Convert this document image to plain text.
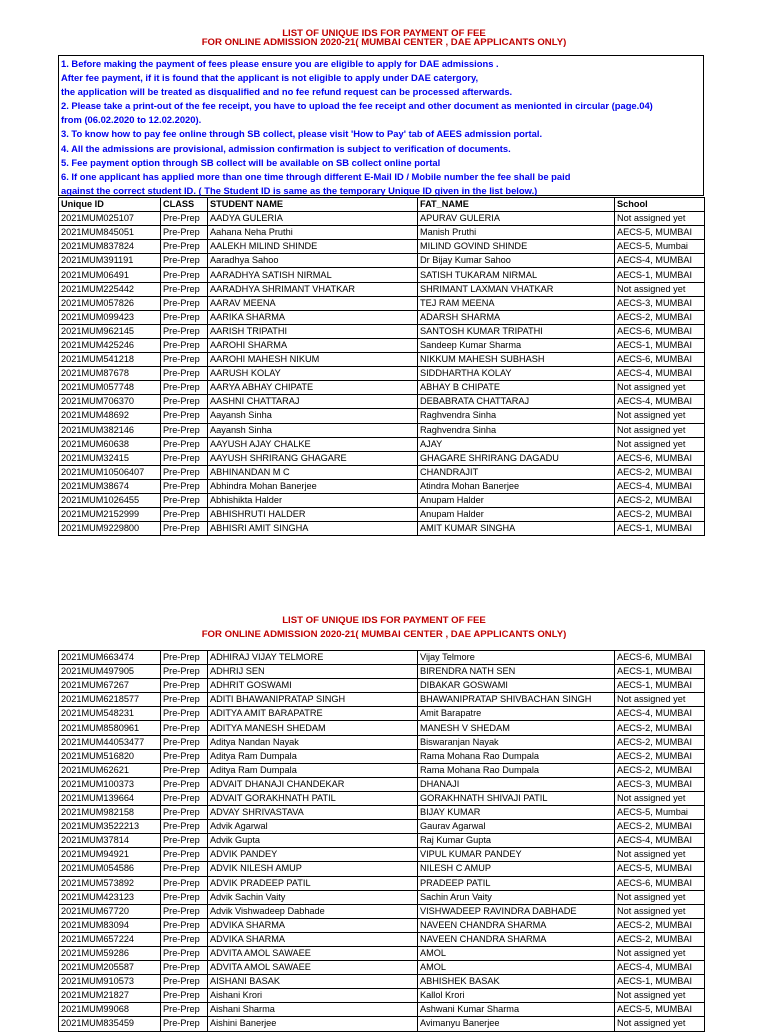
LIST OF UNIQUE IDS FOR PAYMENT OF FEE
FOR ONLINE ADMISSION 2020-21( MUMBAI CENTER , DAE APPLICANTS ONLY)
1. Before making the payment of fees please ensure you are eligible to apply for DAE admissions .
After fee payment, if it is found that the applicant is not eligible to apply under DAE catergory,
the application will be treated as disqualified and no fee refund request can be processed afterwards.
2. Please take a print-out of the fee receipt, you have to upload the fee receipt and other document as menionted in circular (page.04)
from (06.02.2020 to 12.02.2020).
3. To know how to pay fee online through SB collect, please visit 'How to Pay' tab of AEES admission portal.
4. All the admissions are provisional, admission confirmation is subject to verification of documents.
5. Fee payment option through SB collect will be available on SB collect online portal
6. If one applicant has applied more than one time through different E-Mail ID / Mobile number the fee shall be paid
against the correct student ID. ( The Student ID is same as the temporary Unique ID given in the list below.)
Unique ID	CLASS	STUDENT NAME	FAT_NAME	School
2021MUM025107	Pre-Prep	AADYA GULERIA	APURAV GULERIA	Not assigned yet
2021MUM845051	Pre-Prep	Aahana Neha Pruthi	Manish Pruthi	AECS-5, MUMBAI
2021MUM837824	Pre-Prep	AALEKH MILIND SHINDE	MILIND GOVIND SHINDE	AECS-5, Mumbai
2021MUM391191	Pre-Prep	Aaradhya Sahoo	Dr Bijay Kumar Sahoo	AECS-4, MUMBAI
2021MUM06491	Pre-Prep	AARADHYA SATISH NIRMAL	SATISH TUKARAM NIRMAL	AECS-1, MUMBAI
2021MUM225442	Pre-Prep	AARADHYA SHRIMANT VHATKAR	SHRIMANT LAXMAN VHATKAR	Not assigned yet
2021MUM057826	Pre-Prep	AARAV MEENA	TEJ RAM MEENA	AECS-3, MUMBAI
2021MUM099423	Pre-Prep	AARIKA SHARMA	ADARSH SHARMA	AECS-2, MUMBAI
2021MUM962145	Pre-Prep	AARISH TRIPATHI	SANTOSH KUMAR TRIPATHI	AECS-6, MUMBAI
2021MUM425246	Pre-Prep	AAROHI SHARMA	Sandeep Kumar Sharma	AECS-1, MUMBAI
2021MUM541218	Pre-Prep	AAROHI MAHESH NIKUM	NIKKUM MAHESH SUBHASH	AECS-6, MUMBAI
2021MUM87678	Pre-Prep	AARUSH KOLAY	SIDDHARTHA KOLAY	AECS-4, MUMBAI
2021MUM057748	Pre-Prep	AARYA ABHAY CHIPATE	ABHAY B CHIPATE	Not assigned yet
2021MUM706370	Pre-Prep	AASHNI CHATTARAJ	DEBABRATA CHATTARAJ	AECS-4, MUMBAI
2021MUM48692	Pre-Prep	Aayansh Sinha	Raghvendra Sinha	Not assigned yet
2021MUM382146	Pre-Prep	Aayansh Sinha	Raghvendra Sinha	Not assigned yet
2021MUM60638	Pre-Prep	AAYUSH AJAY CHALKE	AJAY	Not assigned yet
2021MUM32415	Pre-Prep	AAYUSH SHRIRANG GHAGARE	GHAGARE SHRIRANG DAGADU	AECS-6, MUMBAI
2021MUM10506407	Pre-Prep	ABHINANDAN M C	CHANDRAJIT	AECS-2, MUMBAI
2021MUM38674	Pre-Prep	Abhindra Mohan Banerjee	Atindra Mohan Banerjee	AECS-4, MUMBAI
2021MUM1026455	Pre-Prep	Abhishikta Halder	Anupam Halder	AECS-2, MUMBAI
2021MUM2152999	Pre-Prep	ABHISHRUTI HALDER	Anupam Halder	AECS-2, MUMBAI
2021MUM9229800	Pre-Prep	ABHISRI AMIT SINGHA	AMIT KUMAR SINGHA	AECS-1, MUMBAI
LIST OF UNIQUE IDS FOR PAYMENT OF FEE
FOR ONLINE ADMISSION 2020-21( MUMBAI CENTER , DAE APPLICANTS ONLY)
2021MUM663474	Pre-Prep	ADHIRAJ VIJAY TELMORE	Vijay Telmore	AECS-6, MUMBAI
2021MUM497905	Pre-Prep	ADHRIJ SEN	BIRENDRA NATH SEN	AECS-1, MUMBAI
2021MUM67267	Pre-Prep	ADHRIT GOSWAMI	DIBAKAR GOSWAMI	AECS-1, MUMBAI
2021MUM6218577	Pre-Prep	ADITI BHAWANIPRATAP SINGH	BHAWANIPRATAP SHIVBACHAN SINGH	Not assigned yet
2021MUM548231	Pre-Prep	ADITYA AMIT BARAPATRE	Amit Barapatre	AECS-4, MUMBAI
2021MUM8580961	Pre-Prep	ADITYA MANESH SHEDAM	MANESH V SHEDAM	AECS-2, MUMBAI
2021MUM44053477	Pre-Prep	Aditya Nandan Nayak	Biswaranjan Nayak	AECS-2, MUMBAI
2021MUM516820	Pre-Prep	Aditya Ram Dumpala	Rama Mohana Rao Dumpala	AECS-2, MUMBAI
2021MUM62621	Pre-Prep	Aditya Ram Dumpala	Rama Mohana Rao Dumpala	AECS-2, MUMBAI
2021MUM100373	Pre-Prep	ADVAIT DHANAJI CHANDEKAR	DHANAJI	AECS-3, MUMBAI
2021MUM139664	Pre-Prep	ADVAIT GORAKHNATH PATIL	GORAKHNATH SHIVAJI PATIL	Not assigned yet
2021MUM982158	Pre-Prep	ADVAY SHRIVASTAVA	BIJAY KUMAR	AECS-5, Mumbai
2021MUM3522213	Pre-Prep	Advik Agarwal	Gaurav Agarwal	AECS-2, MUMBAI
2021MUM37814	Pre-Prep	Advik Gupta	Raj Kumar Gupta	AECS-4, MUMBAI
2021MUM94921	Pre-Prep	ADVIK PANDEY	VIPUL KUMAR PANDEY	Not assigned yet
2021MUM054586	Pre-Prep	ADVIK NILESH AMUP	NILESH C AMUP	AECS-5, MUMBAI
2021MUM573892	Pre-Prep	ADVIK PRADEEP PATIL	PRADEEP PATIL	AECS-6, MUMBAI
2021MUM423123	Pre-Prep	Advik Sachin Vaity	Sachin Arun Vaity	Not assigned yet
2021MUM67720	Pre-Prep	Advik Vishwadeep Dabhade	VISHWADEEP RAVINDRA DABHADE	Not assigned yet
2021MUM83094	Pre-Prep	ADVIKA SHARMA	NAVEEN CHANDRA SHARMA	AECS-2, MUMBAI
2021MUM657224	Pre-Prep	ADVIKA SHARMA	NAVEEN CHANDRA SHARMA	AECS-2, MUMBAI
2021MUM59286	Pre-Prep	ADVITA AMOL SAWAEE	AMOL	Not assigned yet
2021MUM205587	Pre-Prep	ADVITA AMOL SAWAEE	AMOL	AECS-4, MUMBAI
2021MUM910573	Pre-Prep	AISHANI BASAK	ABHISHEK BASAK	AECS-1, MUMBAI
2021MUM21827	Pre-Prep	Aishani Krori	Kallol Krori	Not assigned yet
2021MUM99068	Pre-Prep	Aishani Sharma	Ashwani Kumar Sharma	AECS-5, MUMBAI
2021MUM835459	Pre-Prep	Aishini Banerjee	Avimanyu Banerjee	Not assigned yet
